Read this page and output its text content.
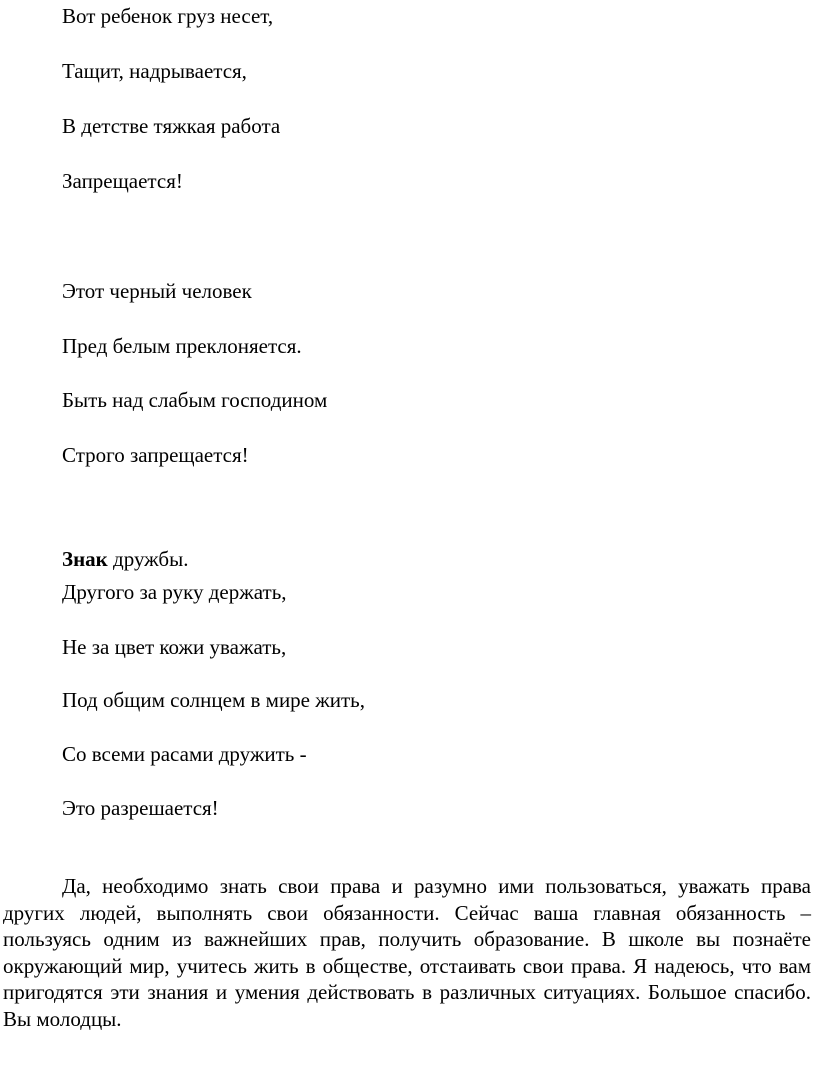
Вот ребенок груз несет,
Тащит, надрывается,
В детстве тяжкая работа
Запрещается!
Этот черный человек
Пред белым преклоняется.
Быть над слабым господином
Строго запрещается!
Знак дружбы.
Другого за руку держать,
Не за цвет кожи уважать,
Под общим солнцем в мире жить,
Со всеми расами дружить -
Это разрешается!

Да, необходимо знать свои права и разумно ими пользоваться, уважать права других людей, выполнять свои обязанности. Сейчас ваша главная обязанность – пользуясь одним из важнейших прав, получить образование. В школе вы познаёте окружающий мир, учитесь жить в обществе, отстаивать свои права. Я надеюсь, что вам пригодятся эти знания и умения действовать в различных ситуациях. Большое спасибо. Вы молодцы.
